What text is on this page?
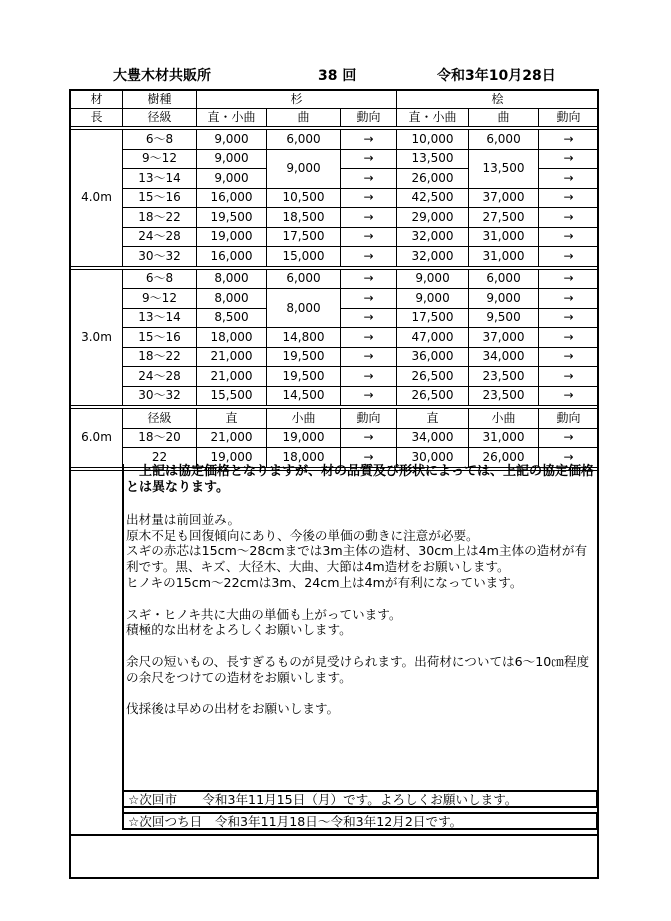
大豊木材共販所	38 回	令和3年10月28日
材	樹種	杉			桧		
長	径級	直・小曲	曲	動向	直・小曲	曲	動向

4.0m	6～8	9,000	6,000	→	10,000	6,000	→
	9～12	9,000	9,000	→	13,500	13,500	→
	13～14	9,000		→	26,000		→
	15～16	16,000	10,500	→	42,500	37,000	→
	18～22	19,500	18,500	→	29,000	27,500	→
	24～28	19,000	17,500	→	32,000	31,000	→
	30～32	16,000	15,000	→	32,000	31,000	→

3.0m	6～8	8,000	6,000	→	9,000	6,000	→
	9～12	8,000	8,000	→	9,000	9,000	→
	13～14	8,500		→	17,500	9,500	→
	15～16	18,000	14,800	→	47,000	37,000	→
	18～22	21,000	19,500	→	36,000	34,000	→
	24～28	21,000	19,500	→	26,500	23,500	→
	30～32	15,500	14,500	→	26,500	23,500	→

6.0m	径級	直	小曲	動向	直	小曲	動向
	18～20	21,000	19,000	→	34,000	31,000	→
	22	19,000	18,000	→	30,000	26,000	→

上記は協定価格となりますが、材の品質及び形状によっては、上記の協定価格とは異なります。

出材量は前回並み。

原木不足も回復傾向にあり、今後の単価の動きに注意が必要。

スギの赤芯は15cm～28cmまでは3m主体の造材、30cm上は4m主体の造材が有利です。黒、キズ、大径木、大曲、大節は4m造材をお願いします。

ヒノキの15cm～22cmは3m、24cm上は4mが有利になっています。

スギ・ヒノキ共に大曲の単価も上がっています。

積極的な出材をよろしくお願いします。

余尺の短いもの、長すぎるものが見受けられます。出荷材については6～10㎝程度の余尺をつけての造材をお願いします。

伐採後は早めの出材をお願いします。

☆次回市　　令和3年11月15日（月）です。よろしくお願いします。
☆次回つち日　令和3年11月18日～令和3年12月2日です。
